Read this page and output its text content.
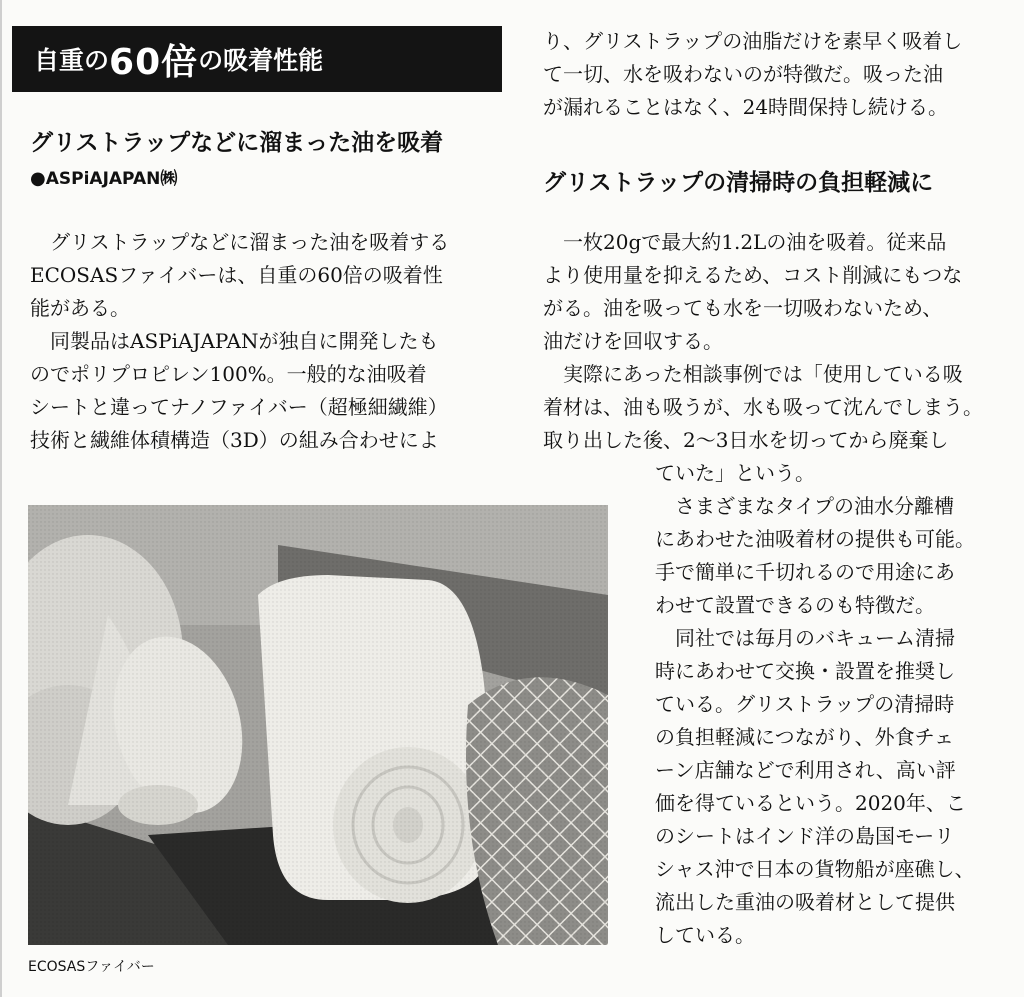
自重の 60倍 の吸着性能
グリストラップなどに溜まった油を吸着
●ASPiAJAPAN㈱
　グリストラップなどに溜まった油を吸着する
ECOSASファイバーは、自重の60倍の吸着性
能がある。
　同製品はASPiAJAPANが独自に開発したも
のでポリプロピレン100%。一般的な油吸着
シートと違ってナノファイバー（超極細繊維）
技術と繊維体積構造（3D）の組み合わせによ
り、グリストラップの油脂だけを素早く吸着し
て一切、水を吸わないのが特徴だ。吸った油
が漏れることはなく、24時間保持し続ける。
グリストラップの清掃時の負担軽減に
　一枚20gで最大約1.2Lの油を吸着。従来品
より使用量を抑えるため、コスト削減にもつな
がる。油を吸っても水を一切吸わないため、
油だけを回収する。
　実際にあった相談事例では「使用している吸
着材は、油も吸うが、水も吸って沈んでしまう。
取り出した後、2〜3日水を切ってから廃棄し
ていた」という。
　さまざまなタイプの油水分離槽
にあわせた油吸着材の提供も可能。
手で簡単に千切れるので用途にあ
わせて設置できるのも特徴だ。
　同社では毎月のバキューム清掃
時にあわせて交換・設置を推奨し
ている。グリストラップの清掃時
の負担軽減につながり、外食チェ
ーン店舗などで利用され、高い評
価を得ているという。2020年、こ
のシートはインド洋の島国モーリ
シャス沖で日本の貨物船が座礁し、
流出した重油の吸着材として提供
している。
ECOSASファイバー
